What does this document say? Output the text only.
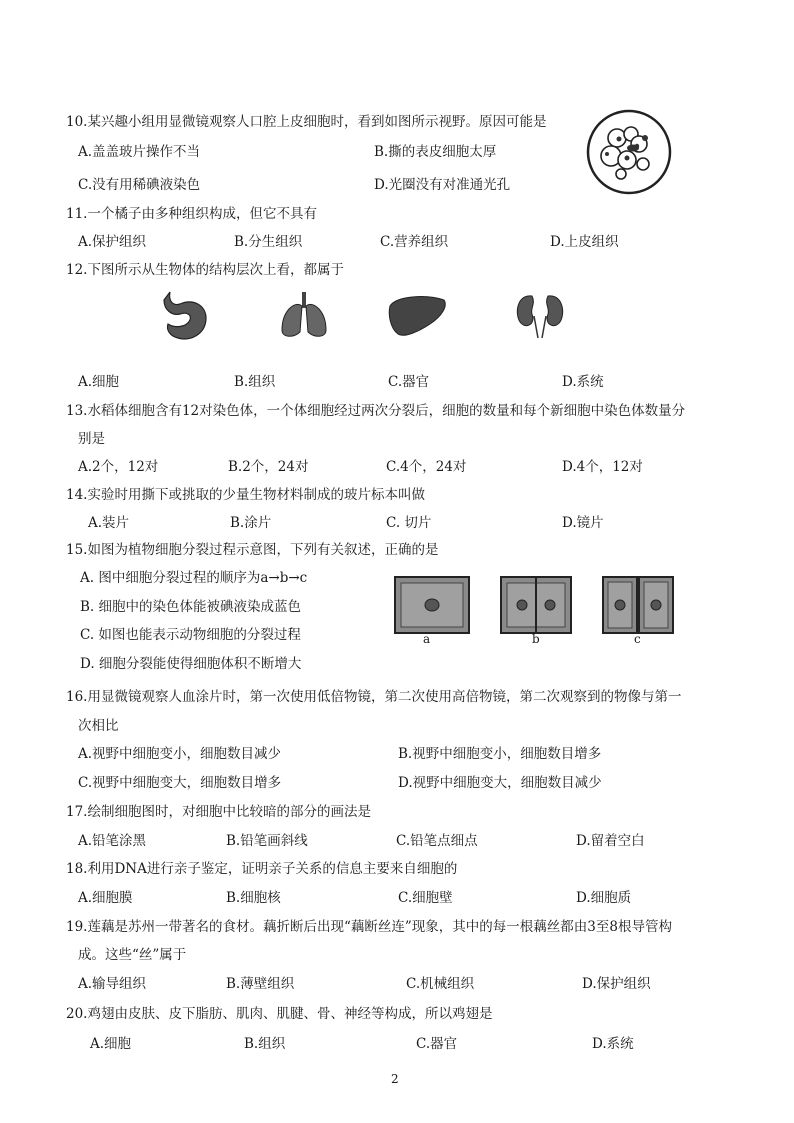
10.某兴趣小组用显微镜观察人口腔上皮细胞时，看到如图所示视野。原因可能是
A.盖盖玻片操作不当	B.撕的表皮细胞太厚
C.没有用稀碘液染色	D.光圈没有对准通光孔
11.一个橘子由多种组织构成，但它不具有
A.保护组织	B.分生组织	C.营养组织	D.上皮组织
12.下图所示从生物体的结构层次上看，都属于
A.细胞	B.组织	C.器官	D.系统
13.水稻体细胞含有12对染色体，一个体细胞经过两次分裂后，细胞的数量和每个新细胞中染色体数量分
别是
A.2个，12对	B.2个，24对	C.4个，24对	D.4个，12对
14.实验时用撕下或挑取的少量生物材料制成的玻片标本叫做
A.装片	B.涂片	C. 切片	D.镜片
15.如图为植物细胞分裂过程示意图，下列有关叙述，正确的是
A. 图中细胞分裂过程的顺序为a→b→c
B. 细胞中的染色体能被碘液染成蓝色
C. 如图也能表示动物细胞的分裂过程
D. 细胞分裂能使得细胞体积不断增大
a	b	c
16.用显微镜观察人血涂片时，第一次使用低倍物镜，第二次使用高倍物镜，第二次观察到的物像与第一
次相比
A.视野中细胞变小，细胞数目减少	B.视野中细胞变小，细胞数目增多
C.视野中细胞变大，细胞数目增多	D.视野中细胞变大，细胞数目减少
17.绘制细胞图时，对细胞中比较暗的部分的画法是
A.铅笔涂黑	B.铅笔画斜线	C.铅笔点细点	D.留着空白
18.利用DNA进行亲子鉴定，证明亲子关系的信息主要来自细胞的
A.细胞膜	B.细胞核	C.细胞壁	D.细胞质
19.莲藕是苏州一带著名的食材。藕折断后出现“藕断丝连”现象，其中的每一根藕丝都由3至8根导管构
成。这些“丝”属于
A.输导组织	B.薄壁组织	C.机械组织	D.保护组织
20.鸡翅由皮肤、皮下脂肪、肌肉、肌腱、骨、神经等构成，所以鸡翅是
A.细胞	B.组织	C.器官	D.系统
2
